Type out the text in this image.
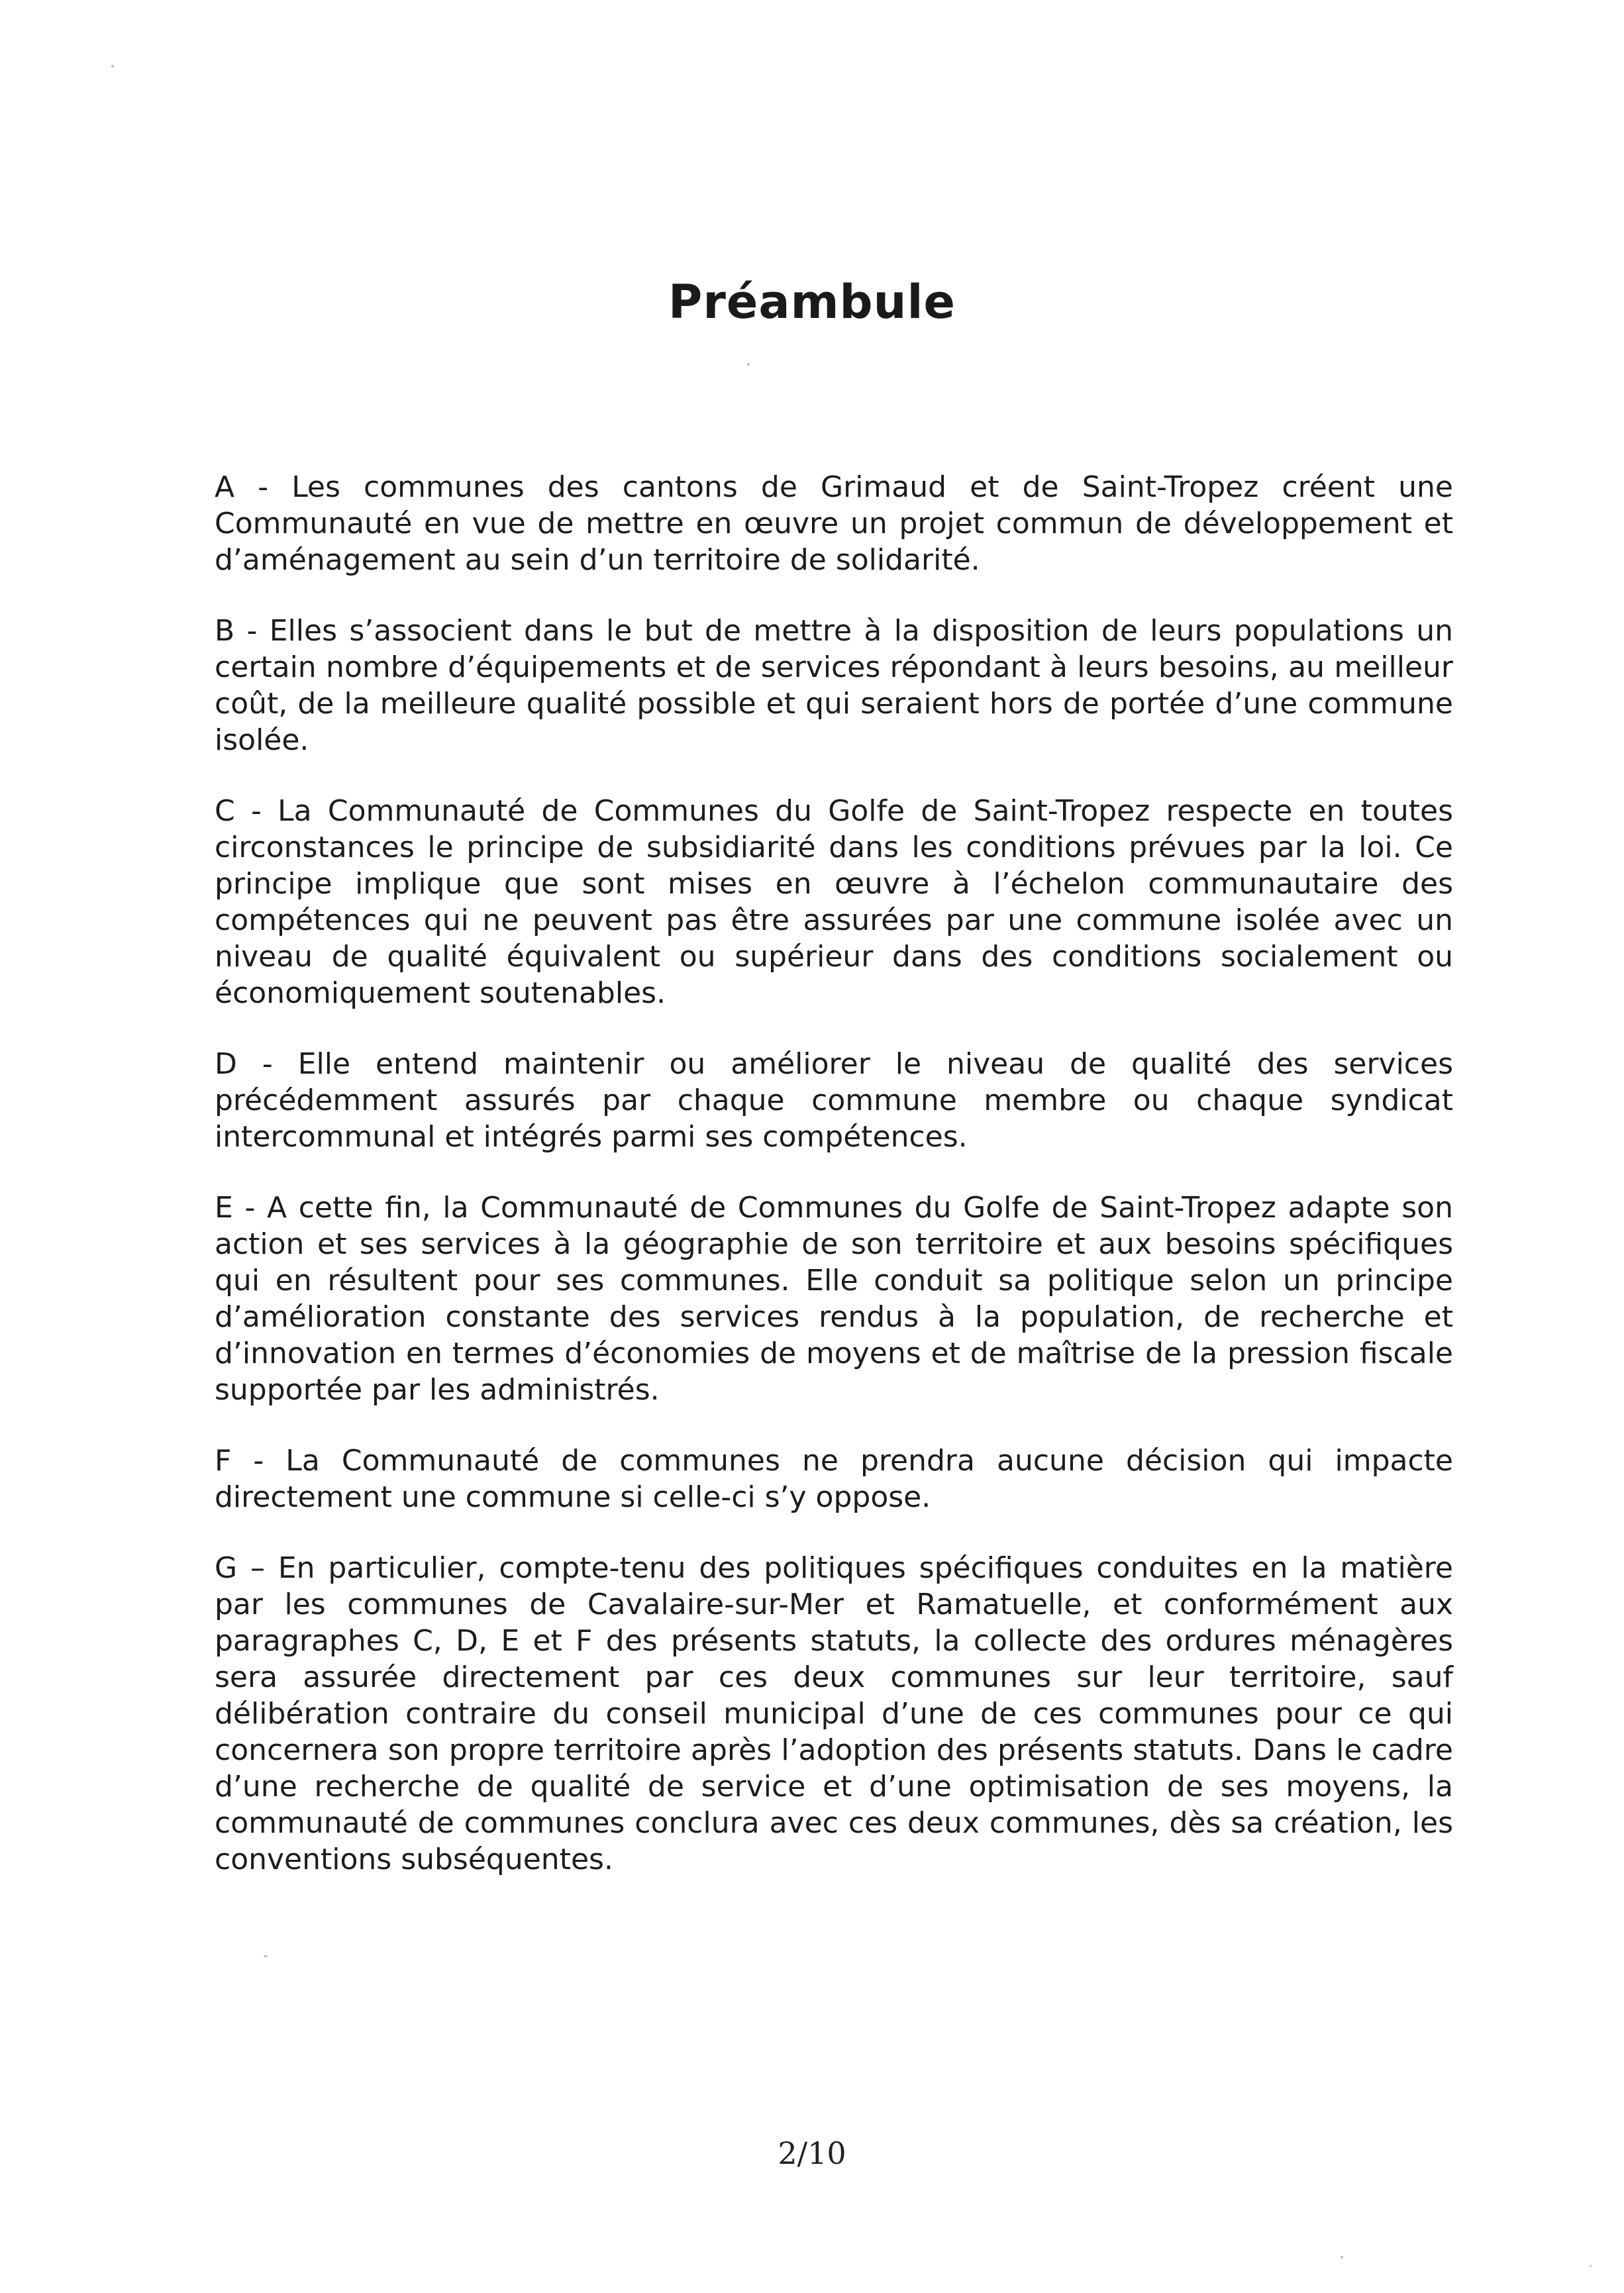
Préambule

A - Les communes des cantons de Grimaud et de Saint-Tropez créent une Communauté en vue de mettre en œuvre un projet commun de développement et d’aménagement au sein d’un territoire de solidarité.

B - Elles s’associent dans le but de mettre à la disposition de leurs populations un certain nombre d’équipements et de services répondant à leurs besoins, au meilleur coût, de la meilleure qualité possible et qui seraient hors de portée d’une commune isolée.

C - La Communauté de Communes du Golfe de Saint-Tropez respecte en toutes circonstances le principe de subsidiarité dans les conditions prévues par la loi. Ce principe implique que sont mises en œuvre à l’échelon communautaire des compétences qui ne peuvent pas être assurées par une commune isolée avec un niveau de qualité équivalent ou supérieur dans des conditions socialement ou économiquement soutenables.

D - Elle entend maintenir ou améliorer le niveau de qualité des services précédemment assurés par chaque commune membre ou chaque syndicat intercommunal et intégrés parmi ses compétences.

E - A cette fin, la Communauté de Communes du Golfe de Saint-Tropez adapte son action et ses services à la géographie de son territoire et aux besoins spécifiques qui en résultent pour ses communes. Elle conduit sa politique selon un principe d’amélioration constante des services rendus à la population, de recherche et d’innovation en termes d’économies de moyens et de maîtrise de la pression fiscale supportée par les administrés.

F - La Communauté de communes ne prendra aucune décision qui impacte directement une commune si celle-ci s’y oppose.

G – En particulier, compte-tenu des politiques spécifiques conduites en la matière par les communes de Cavalaire-sur-Mer et Ramatuelle, et conformément aux paragraphes C, D, E et F des présents statuts, la collecte des ordures ménagères sera assurée directement par ces deux communes sur leur territoire, sauf délibération contraire du conseil municipal d’une de ces communes pour ce qui concernera son propre territoire après l’adoption des présents statuts. Dans le cadre d’une recherche de qualité de service et d’une optimisation de ses moyens, la communauté de communes conclura avec ces deux communes, dès sa création, les conventions subséquentes.

2/10
